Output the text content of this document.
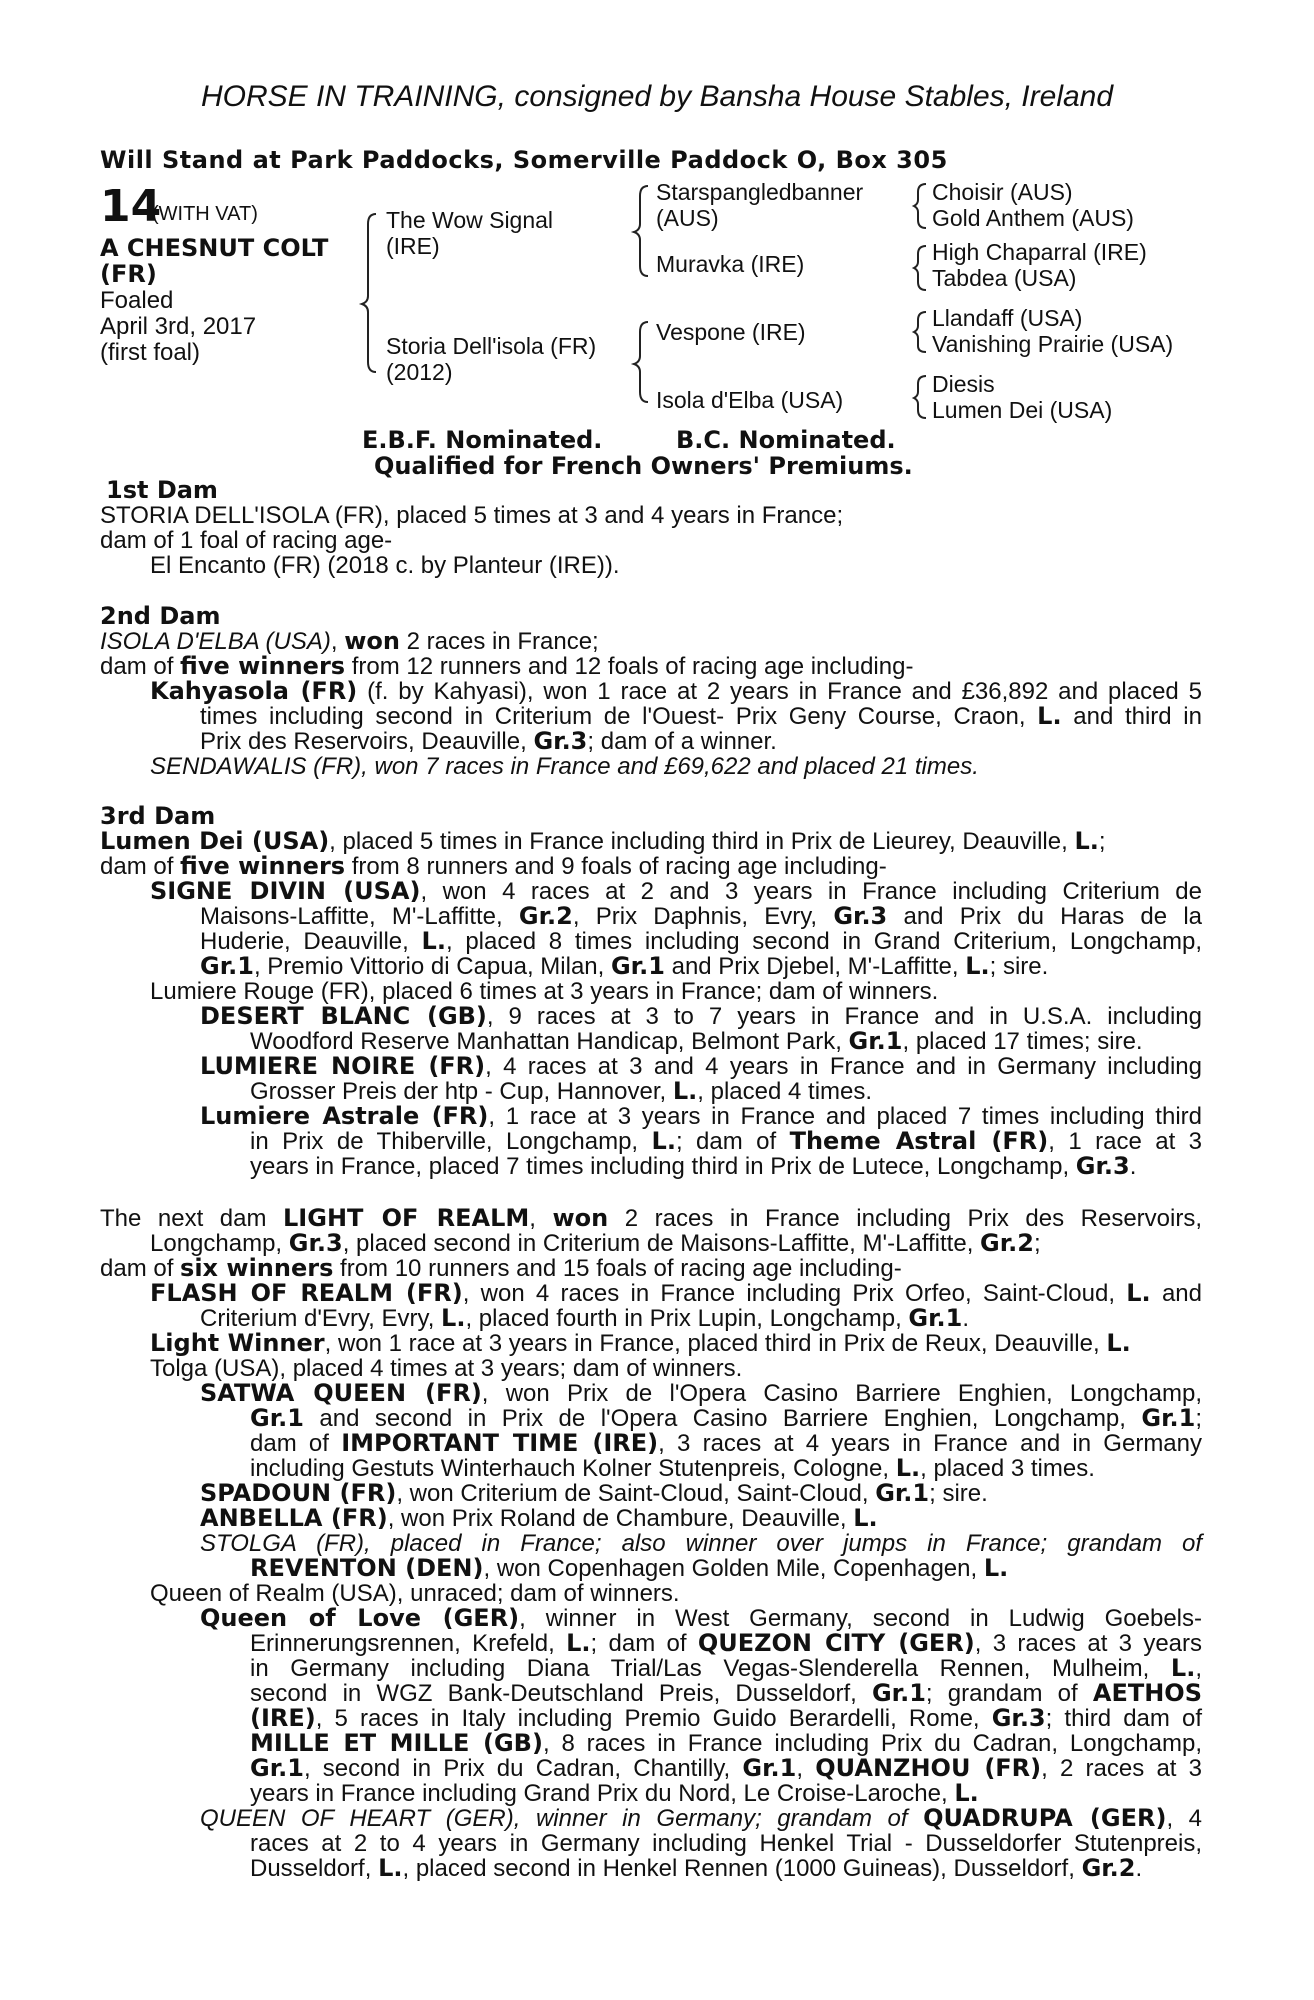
HORSE IN TRAINING, consigned by Bansha House Stables, Ireland
Will Stand at Park Paddocks, Somerville Paddock O, Box 305
14
(WITH VAT)
A CHESNUT COLT
(FR)
Foaled
April 3rd, 2017
(first foal)
The Wow Signal
(IRE)
Storia Dell'isola (FR)
(2012)
Starspangledbanner
(AUS)
Muravka (IRE)
Vespone (IRE)
Isola d'Elba (USA)
Choisir (AUS)
Gold Anthem (AUS)
High Chaparral (IRE)
Tabdea (USA)
Llandaff (USA)
Vanishing Prairie (USA)
Diesis
Lumen Dei (USA)
E.B.F. Nominated.	B.C. Nominated.
Qualified for French Owners' Premiums.
1st Dam
STORIA DELL'ISOLA (FR), placed 5 times at 3 and 4 years in France;
dam of 1 foal of racing age-
El Encanto (FR) (2018 c. by Planteur (IRE)).
2nd Dam
ISOLA D'ELBA (USA), won 2 races in France;
dam of five winners from 12 runners and 12 foals of racing age including-
Kahyasola (FR) (f. by Kahyasi), won 1 race at 2 years in France and £36,892 and placed 5
times including second in Criterium de l'Ouest- Prix Geny Course, Craon, L. and third in
Prix des Reservoirs, Deauville, Gr.3; dam of a winner.
SENDAWALIS (FR), won 7 races in France and £69,622 and placed 21 times.
3rd Dam
Lumen Dei (USA), placed 5 times in France including third in Prix de Lieurey, Deauville, L.;
dam of five winners from 8 runners and 9 foals of racing age including-
SIGNE DIVIN (USA), won 4 races at 2 and 3 years in France including Criterium de
Maisons-Laffitte, M'-Laffitte, Gr.2, Prix Daphnis, Evry, Gr.3 and Prix du Haras de la
Huderie, Deauville, L., placed 8 times including second in Grand Criterium, Longchamp,
Gr.1, Premio Vittorio di Capua, Milan, Gr.1 and Prix Djebel, M'-Laffitte, L.; sire.
Lumiere Rouge (FR), placed 6 times at 3 years in France; dam of winners.
DESERT BLANC (GB), 9 races at 3 to 7 years in France and in U.S.A. including
Woodford Reserve Manhattan Handicap, Belmont Park, Gr.1, placed 17 times; sire.
LUMIERE NOIRE (FR), 4 races at 3 and 4 years in France and in Germany including
Grosser Preis der htp - Cup, Hannover, L., placed 4 times.
Lumiere Astrale (FR), 1 race at 3 years in France and placed 7 times including third
in Prix de Thiberville, Longchamp, L.; dam of Theme Astral (FR), 1 race at 3
years in France, placed 7 times including third in Prix de Lutece, Longchamp, Gr.3.
The next dam LIGHT OF REALM, won 2 races in France including Prix des Reservoirs,
Longchamp, Gr.3, placed second in Criterium de Maisons-Laffitte, M'-Laffitte, Gr.2;
dam of six winners from 10 runners and 15 foals of racing age including-
FLASH OF REALM (FR), won 4 races in France including Prix Orfeo, Saint-Cloud, L. and
Criterium d'Evry, Evry, L., placed fourth in Prix Lupin, Longchamp, Gr.1.
Light Winner, won 1 race at 3 years in France, placed third in Prix de Reux, Deauville, L.
Tolga (USA), placed 4 times at 3 years; dam of winners.
SATWA QUEEN (FR), won Prix de l'Opera Casino Barriere Enghien, Longchamp,
Gr.1 and second in Prix de l'Opera Casino Barriere Enghien, Longchamp, Gr.1;
dam of IMPORTANT TIME (IRE), 3 races at 4 years in France and in Germany
including Gestuts Winterhauch Kolner Stutenpreis, Cologne, L., placed 3 times.
SPADOUN (FR), won Criterium de Saint-Cloud, Saint-Cloud, Gr.1; sire.
ANBELLA (FR), won Prix Roland de Chambure, Deauville, L.
STOLGA (FR), placed in France; also winner over jumps in France; grandam of
REVENTON (DEN), won Copenhagen Golden Mile, Copenhagen, L.
Queen of Realm (USA), unraced; dam of winners.
Queen of Love (GER), winner in West Germany, second in Ludwig Goebels-
Erinnerungsrennen, Krefeld, L.; dam of QUEZON CITY (GER), 3 races at 3 years
in Germany including Diana Trial/Las Vegas-Slenderella Rennen, Mulheim, L.,
second in WGZ Bank-Deutschland Preis, Dusseldorf, Gr.1; grandam of AETHOS
(IRE), 5 races in Italy including Premio Guido Berardelli, Rome, Gr.3; third dam of
MILLE ET MILLE (GB), 8 races in France including Prix du Cadran, Longchamp,
Gr.1, second in Prix du Cadran, Chantilly, Gr.1, QUANZHOU (FR), 2 races at 3
years in France including Grand Prix du Nord, Le Croise-Laroche, L.
QUEEN OF HEART (GER), winner in Germany; grandam of QUADRUPA (GER), 4
races at 2 to 4 years in Germany including Henkel Trial - Dusseldorfer Stutenpreis,
Dusseldorf, L., placed second in Henkel Rennen (1000 Guineas), Dusseldorf, Gr.2.
